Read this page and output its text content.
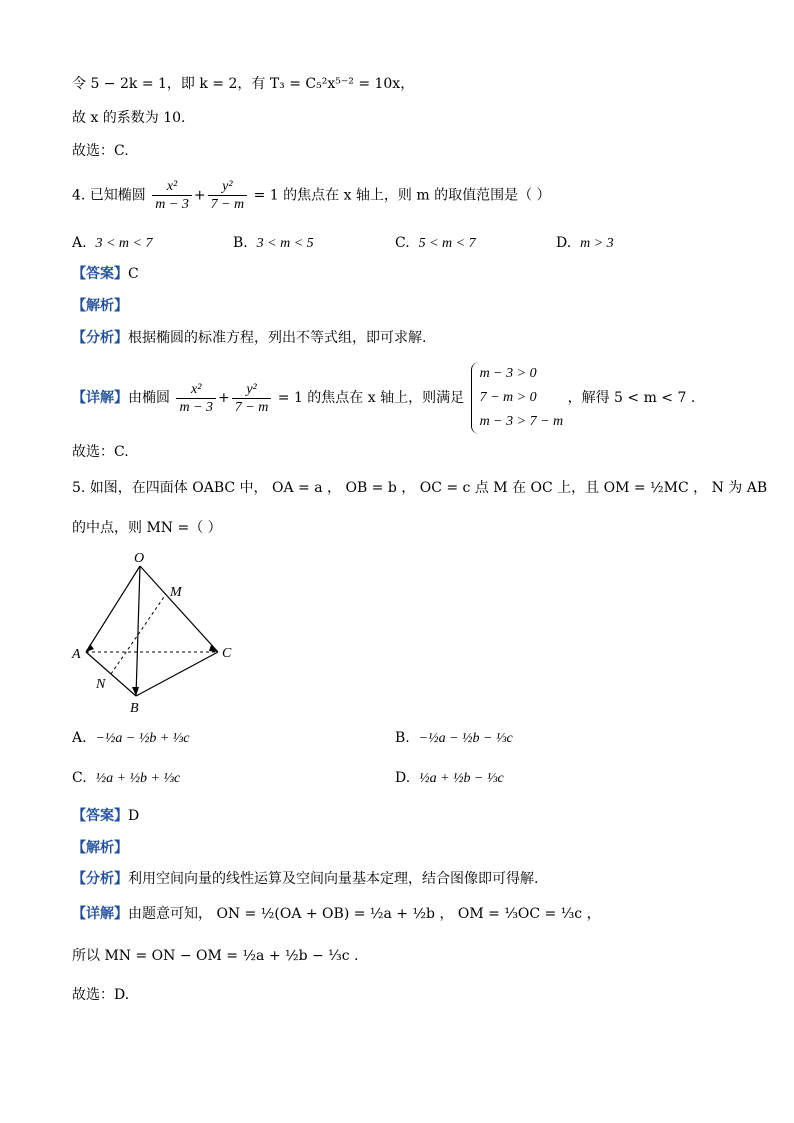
令 5 − 2k = 1，即 k = 2，有 T₃ = C₅²x⁵⁻² = 10x，
故 x 的系数为 10.
故选：C.
4. 已知椭圆 $\frac{\text{x²}}{m - 3} + \frac{\text{y²}}{7 - m} = 1$ 的焦点在 x 轴上，则 m 的取值范围是（ ）
A. 3 < m < 7	B. 3 < m < 5	C. 5 < m < 7	D. m > 3
【答案】C
【解析】
【分析】根据椭圆的标准方程，列出不等式组，即可求解.
【详解】由椭圆 $\frac{\text{x²}}{m - 3} + \frac{\text{y²}}{7 - m} = 1$ 的焦点在 x 轴上，则满足
m − 3 > 0
7 − m > 0
m − 3 > 7 − m
，解得 5 < m < 7 .
故选：C.
5. 如图，在四面体 OABC 中， OA = a ， OB = b ， OC = c 点 M 在 OC 上，且 OM = ½MC ， N 为 AB
的中点，则 MN =（ ）
O
A
B
C
M
N
A. −½a − ½b + ⅓c	B. −½a − ½b − ⅓c
C. ½a + ½b + ⅓c	D. ½a + ½b − ⅓c
【答案】D
【解析】
【分析】利用空间向量的线性运算及空间向量基本定理，结合图像即可得解.
【详解】由题意可知， ON = ½(OA + OB) = ½a + ½b ， OM = ⅓OC = ⅓c ，
所以 MN = ON − OM = ½a + ½b − ⅓c .
故选：D.
